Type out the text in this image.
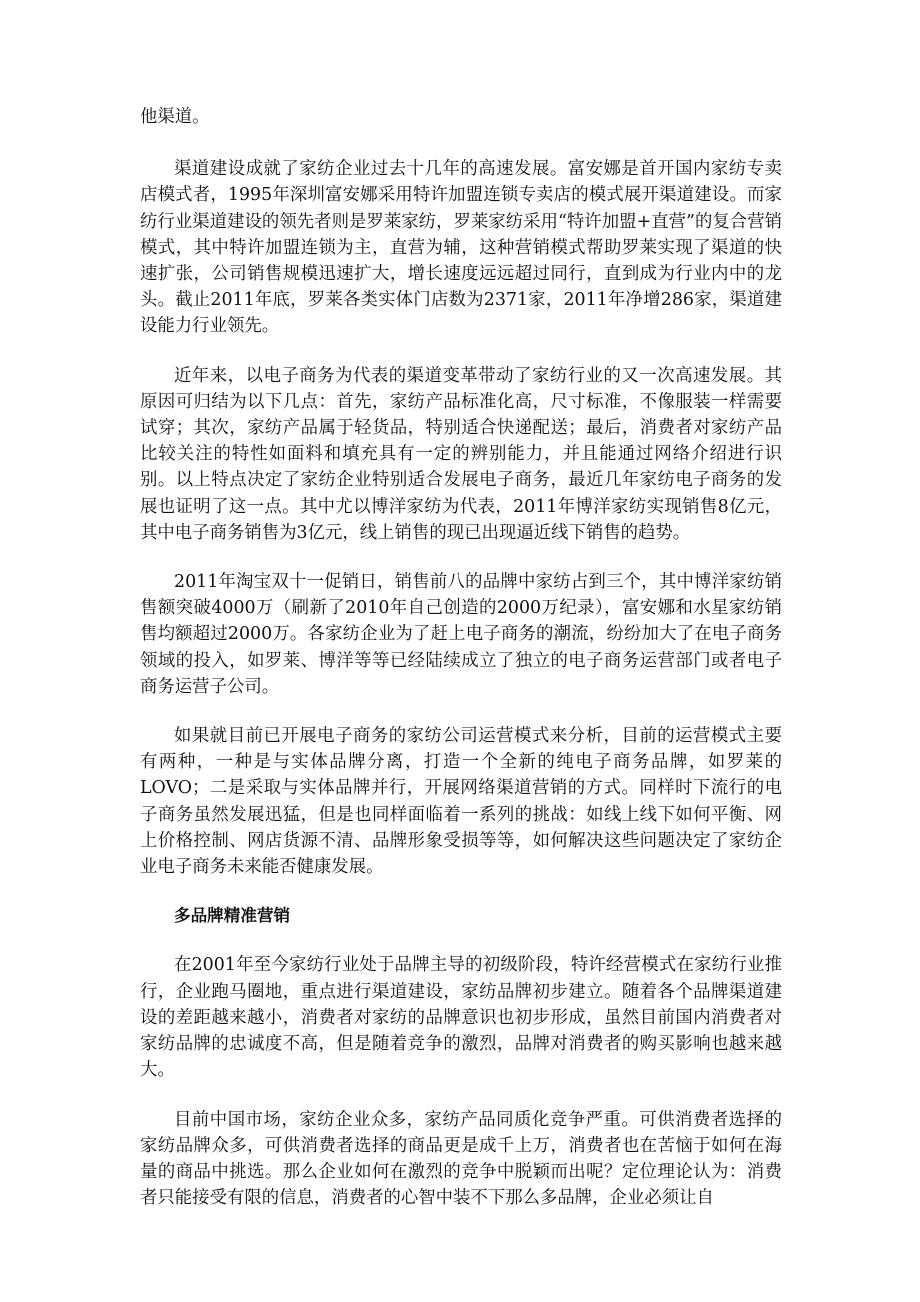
他渠道。

渠道建设成就了家纺企业过去十几年的高速发展。富安娜是首开国内家纺专卖店模式者，1995年深圳富安娜采用特许加盟连锁专卖店的模式展开渠道建设。而家纺行业渠道建设的领先者则是罗莱家纺，罗莱家纺采用“特许加盟+直营”的复合营销模式，其中特许加盟连锁为主，直营为辅，这种营销模式帮助罗莱实现了渠道的快速扩张，公司销售规模迅速扩大，增长速度远远超过同行，直到成为行业内中的龙头。截止2011年底，罗莱各类实体门店数为2371家，2011年净增286家，渠道建设能力行业领先。

近年来，以电子商务为代表的渠道变革带动了家纺行业的又一次高速发展。其原因可归结为以下几点：首先，家纺产品标准化高，尺寸标准，不像服装一样需要试穿；其次，家纺产品属于轻货品，特别适合快递配送；最后，消费者对家纺产品比较关注的特性如面料和填充具有一定的辨别能力，并且能通过网络介绍进行识别。以上特点决定了家纺企业特别适合发展电子商务，最近几年家纺电子商务的发展也证明了这一点。其中尤以博洋家纺为代表，2011年博洋家纺实现销售8亿元，其中电子商务销售为3亿元，线上销售的现已出现逼近线下销售的趋势。

2011年淘宝双十一促销日，销售前八的品牌中家纺占到三个，其中博洋家纺销售额突破4000万（刷新了2010年自己创造的2000万纪录），富安娜和水星家纺销售均额超过2000万。各家纺企业为了赶上电子商务的潮流，纷纷加大了在电子商务领域的投入，如罗莱、博洋等等已经陆续成立了独立的电子商务运营部门或者电子商务运营子公司。

如果就目前已开展电子商务的家纺公司运营模式来分析，目前的运营模式主要有两种，一种是与实体品牌分离，打造一个全新的纯电子商务品牌，如罗莱的LOVO；二是采取与实体品牌并行，开展网络渠道营销的方式。同样时下流行的电子商务虽然发展迅猛，但是也同样面临着一系列的挑战：如线上线下如何平衡、网上价格控制、网店货源不清、品牌形象受损等等，如何解决这些问题决定了家纺企业电子商务未来能否健康发展。

多品牌精准营销

在2001年至今家纺行业处于品牌主导的初级阶段，特许经营模式在家纺行业推行，企业跑马圈地，重点进行渠道建设，家纺品牌初步建立。随着各个品牌渠道建设的差距越来越小，消费者对家纺的品牌意识也初步形成，虽然目前国内消费者对家纺品牌的忠诚度不高，但是随着竞争的激烈，品牌对消费者的购买影响也越来越大。

目前中国市场，家纺企业众多，家纺产品同质化竞争严重。可供消费者选择的家纺品牌众多，可供消费者选择的商品更是成千上万，消费者也在苦恼于如何在海量的商品中挑选。那么企业如何在激烈的竞争中脱颖而出呢？定位理论认为：消费者只能接受有限的信息，消费者的心智中装不下那么多品牌，企业必须让自
